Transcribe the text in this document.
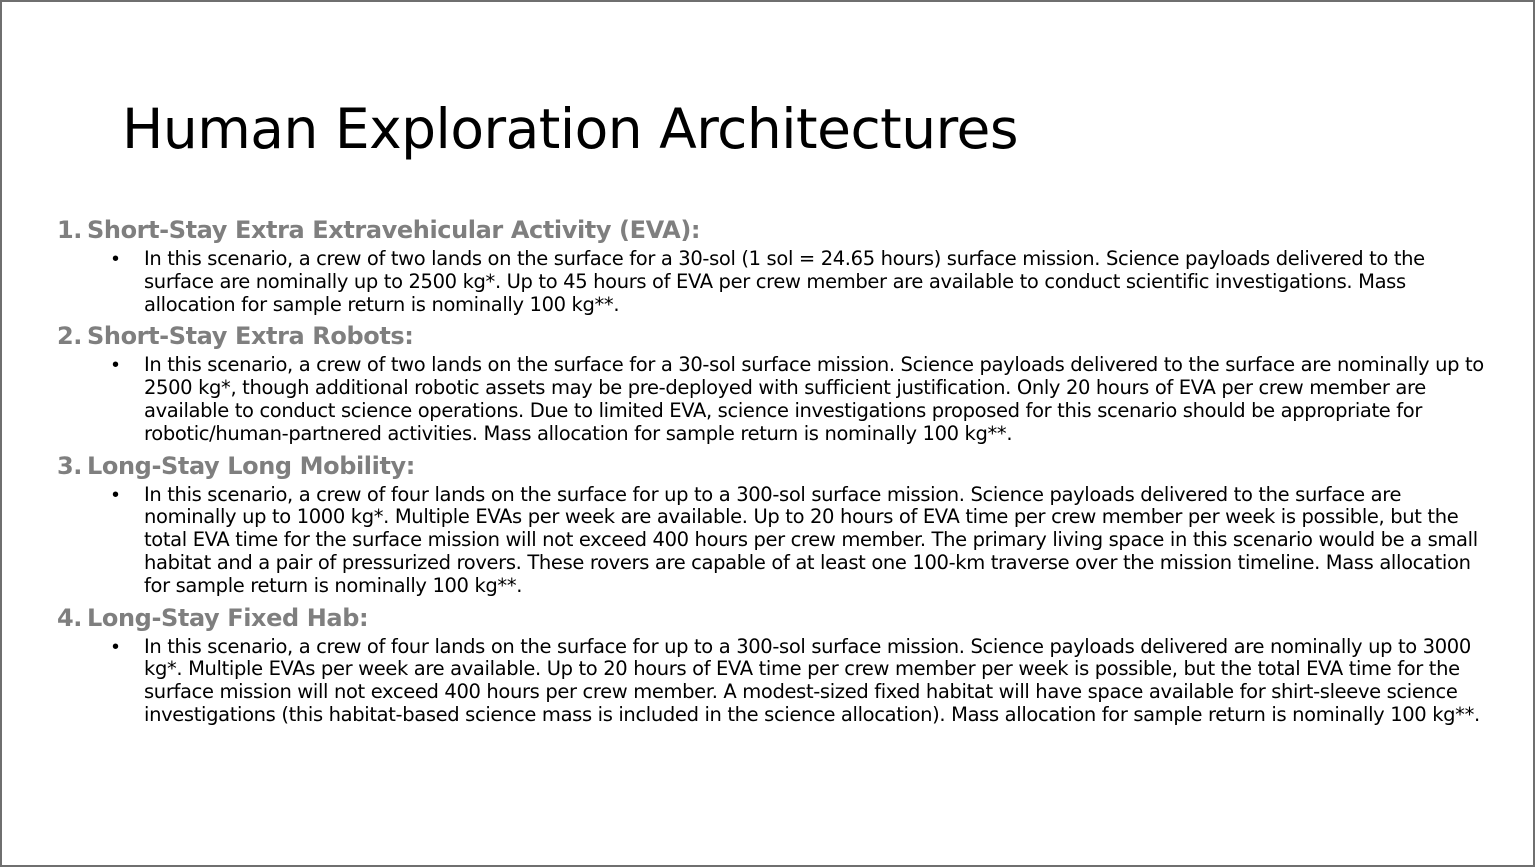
Human Exploration Architectures
1. Short-Stay Extra Extravehicular Activity (EVA):
•	In this scenario, a crew of two lands on the surface for a 30-sol (1 sol = 24.65 hours) surface mission. Science payloads delivered to the surface are nominally up to 2500 kg*. Up to 45 hours of EVA per crew member are available to conduct scientific investigations. Mass allocation for sample return is nominally 100 kg**.
2. Short-Stay Extra Robots:
•	In this scenario, a crew of two lands on the surface for a 30-sol surface mission. Science payloads delivered to the surface are nominally up to 2500 kg*, though additional robotic assets may be pre-deployed with sufficient justification. Only 20 hours of EVA per crew member are available to conduct science operations. Due to limited EVA, science investigations proposed for this scenario should be appropriate for robotic/human-partnered activities. Mass allocation for sample return is nominally 100 kg**.
3. Long-Stay Long Mobility:
•	In this scenario, a crew of four lands on the surface for up to a 300-sol surface mission. Science payloads delivered to the surface are nominally up to 1000 kg*. Multiple EVAs per week are available. Up to 20 hours of EVA time per crew member per week is possible, but the total EVA time for the surface mission will not exceed 400 hours per crew member. The primary living space in this scenario would be a small habitat and a pair of pressurized rovers. These rovers are capable of at least one 100-km traverse over the mission timeline. Mass allocation for sample return is nominally 100 kg**.
4. Long-Stay Fixed Hab:
•	In this scenario, a crew of four lands on the surface for up to a 300-sol surface mission. Science payloads delivered are nominally up to 3000 kg*. Multiple EVAs per week are available. Up to 20 hours of EVA time per crew member per week is possible, but the total EVA time for the surface mission will not exceed 400 hours per crew member. A modest-sized fixed habitat will have space available for shirt-sleeve science investigations (this habitat-based science mass is included in the science allocation). Mass allocation for sample return is nominally 100 kg**.
